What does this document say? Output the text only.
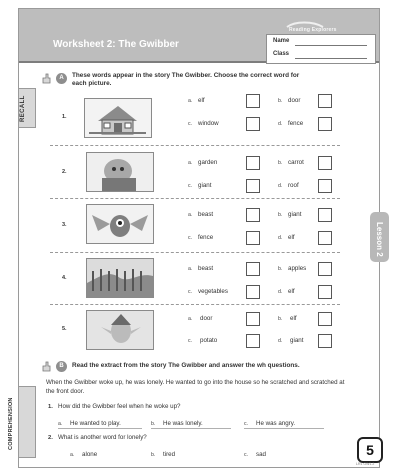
Reading Explorers
Worksheet 2: The Gwibber	Name
Class
A	These words appear in the story The Gwibber. Choose the correct word for
each picture.
RECALL	1.
2.
3.
4.
5.
a. elf	b. door
c. window	d. fence
a. garden	b. carrot
c. giant	d. roof
a. beast	b. giant
c. fence	d. elf
a. beast	b. apples
c. vegetables	d. elf
a. door	b. elf
c. potato	d. giant
Lesson 2
B	Read the extract from the story The Gwibber and answer the wh questions.
COMPREHENSION
When the Gwibber woke up, he was lonely. He wanted to go into the house so he scratched and scratched at the front door.
1. How did the Gwibber feel when he woke up?
a. He wanted to play.	b. He was lonely.	c. He was angry.
2. What is another word for lonely?
a. alone	b. tired	c. sad	5
LR1 GW1.2
